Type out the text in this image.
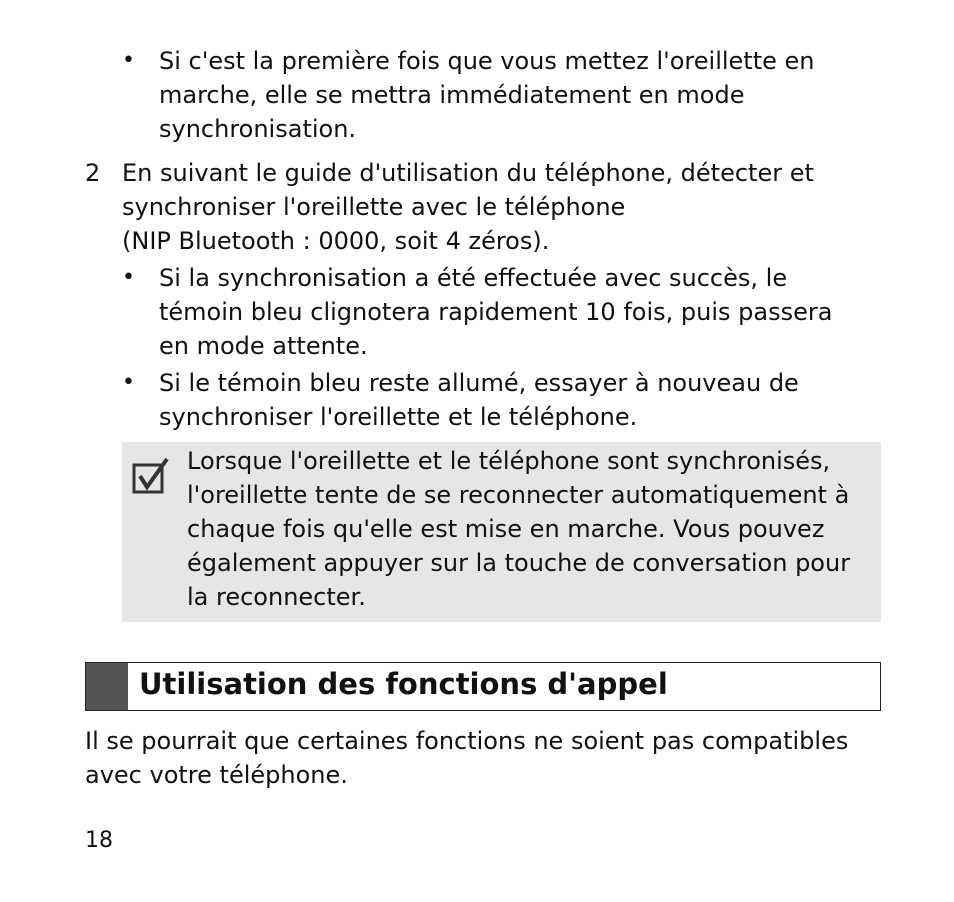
• Si c'est la première fois que vous mettez l'oreillette en
marche, elle se mettra immédiatement en mode
synchronisation.
2 En suivant le guide d'utilisation du téléphone, détecter et
synchroniser l'oreillette avec le téléphone
(NIP Bluetooth : 0000, soit 4 zéros).
• Si la synchronisation a été effectuée avec succès, le
témoin bleu clignotera rapidement 10 fois, puis passera
en mode attente.
• Si le témoin bleu reste allumé, essayer à nouveau de
synchroniser l'oreillette et le téléphone.
Lorsque l'oreillette et le téléphone sont synchronisés,
l'oreillette tente de se reconnecter automatiquement à
chaque fois qu'elle est mise en marche. Vous pouvez
également appuyer sur la touche de conversation pour
la reconnecter.
Utilisation des fonctions d'appel
Il se pourrait que certaines fonctions ne soient pas compatibles
avec votre téléphone.
18
